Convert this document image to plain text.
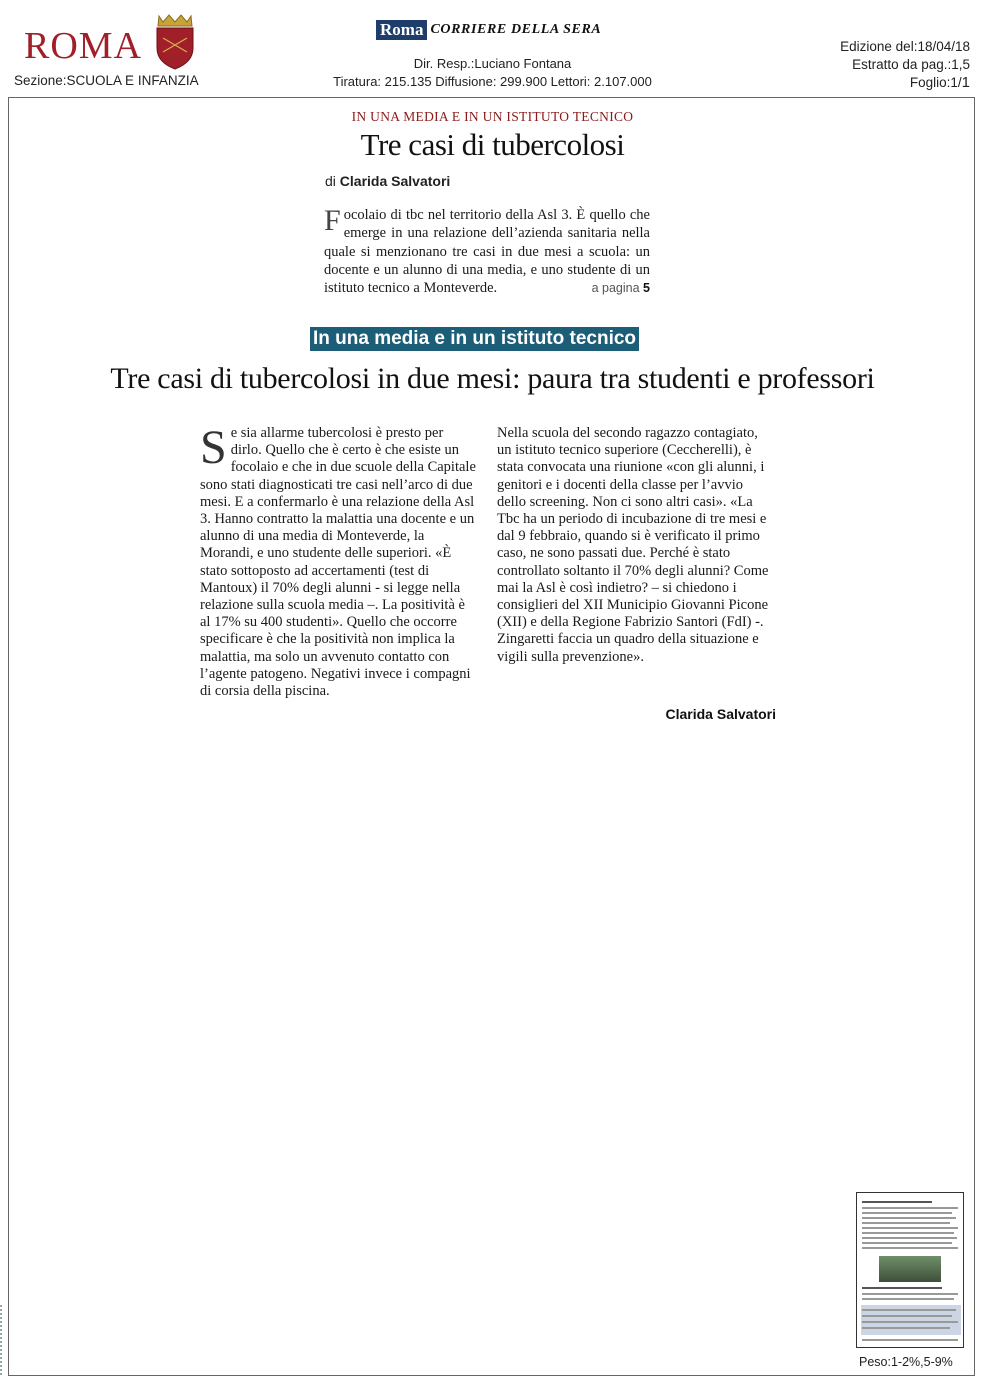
ROMA
Sezione:SCUOLA E INFANZIA
Roma CORRIERE DELLA SERA
Dir. Resp.:Luciano Fontana
Tiratura: 215.135 Diffusione: 299.900 Lettori: 2.107.000
Edizione del:18/04/18
Estratto da pag.:1,5
Foglio:1/1
IN UNA MEDIA E IN UN ISTITUTO TECNICO
Tre casi di tubercolosi
di Clarida Salvatori
Focolaio di tbc nel territorio della Asl 3. È quello che emerge in una relazione dell’azienda sanitaria nella quale si menzionano tre casi in due mesi a scuola: un docente e un alunno di una media, e uno studente di un istituto tecnico a Monteverde.	a pagina 5
In una media e in un istituto tecnico
Tre casi di tubercolosi in due mesi: paura tra studenti e professori
Se sia allarme tubercolosi è presto per dirlo. Quello che è certo è che esiste un focolaio e che in due scuole della Capitale sono stati diagnosticati tre casi nell’arco di due mesi. E a confermarlo è una relazione della Asl 3. Hanno contratto la malattia una docente e un alunno di una media di Monteverde, la Morandi, e uno studente delle superiori. «È stato sottoposto ad accertamenti (test di Mantoux) il 70% degli alunni - si legge nella relazione sulla scuola media –. La positività è al 17% su 400 studenti». Quello che occorre specificare è che la positività non implica la malattia, ma solo un avvenuto contatto con l’agente patogeno. Negativi invece i compagni di corsia della piscina.
Nella scuola del secondo ragazzo contagiato, un istituto tecnico superiore (Ceccherelli), è stata convocata una riunione «con gli alunni, i genitori e i docenti della classe per l’avvio dello screening. Non ci sono altri casi». «La Tbc ha un periodo di incubazione di tre mesi e dal 9 febbraio, quando si è verificato il primo caso, ne sono passati due. Perché è stato controllato soltanto il 70% degli alunni? Come mai la Asl è così indietro? – si chiedono i consiglieri del XII Municipio Giovanni Picone (XII) e della Regione Fabrizio Santori (FdI) -. Zingaretti faccia un quadro della situazione e vigili sulla prevenzione».
Clarida Salvatori
Peso:1-2%,5-9%
